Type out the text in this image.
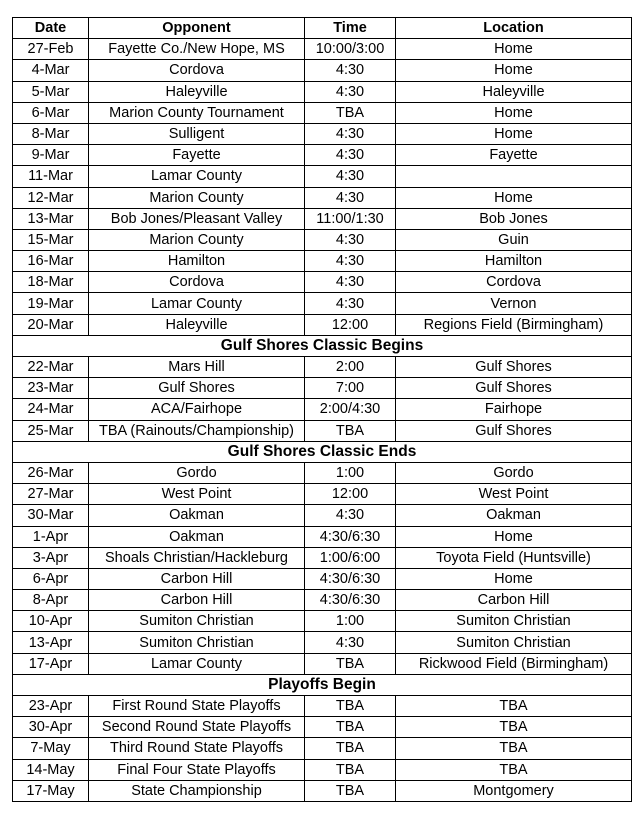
Date	Opponent	Time	Location
27-Feb	Fayette Co./New Hope, MS	10:00/3:00	Home
4-Mar	Cordova	4:30	Home
5-Mar	Haleyville	4:30	Haleyville
6-Mar	Marion County Tournament	TBA	Home
8-Mar	Sulligent	4:30	Home
9-Mar	Fayette	4:30	Fayette
11-Mar	Lamar County	4:30	
12-Mar	Marion County	4:30	Home
13-Mar	Bob Jones/Pleasant Valley	11:00/1:30	Bob Jones
15-Mar	Marion County	4:30	Guin
16-Mar	Hamilton	4:30	Hamilton
18-Mar	Cordova	4:30	Cordova
19-Mar	Lamar County	4:30	Vernon
20-Mar	Haleyville	12:00	Regions Field (Birmingham)
Gulf Shores Classic Begins			
22-Mar	Mars Hill	2:00	Gulf Shores
23-Mar	Gulf Shores	7:00	Gulf Shores
24-Mar	ACA/Fairhope	2:00/4:30	Fairhope
25-Mar	TBA (Rainouts/Championship)	TBA	Gulf Shores
Gulf Shores Classic Ends			
26-Mar	Gordo	1:00	Gordo
27-Mar	West Point	12:00	West Point
30-Mar	Oakman	4:30	Oakman
1-Apr	Oakman	4:30/6:30	Home
3-Apr	Shoals Christian/Hackleburg	1:00/6:00	Toyota Field (Huntsville)
6-Apr	Carbon Hill	4:30/6:30	Home
8-Apr	Carbon Hill	4:30/6:30	Carbon Hill
10-Apr	Sumiton Christian	1:00	Sumiton Christian
13-Apr	Sumiton Christian	4:30	Sumiton Christian
17-Apr	Lamar County	TBA	Rickwood Field (Birmingham)
Playoffs Begin			
23-Apr	First Round State Playoffs	TBA	TBA
30-Apr	Second Round State Playoffs	TBA	TBA
7-May	Third Round State Playoffs	TBA	TBA
14-May	Final Four State Playoffs	TBA	TBA
17-May	State Championship	TBA	Montgomery
